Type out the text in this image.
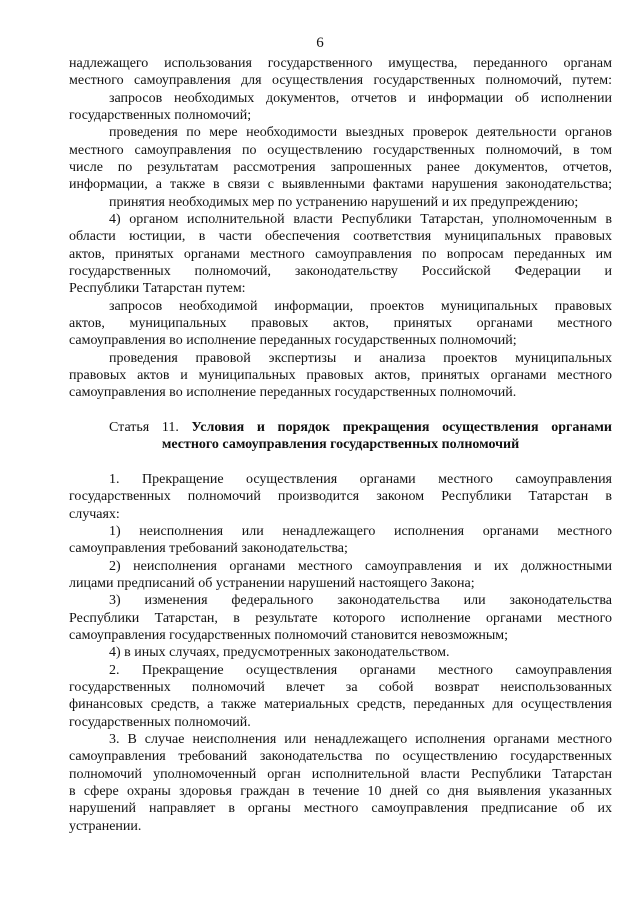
6
надлежащего использования государственного имущества, переданного органам
местного самоуправления для осуществления государственных полномочий, путем:
запросов необходимых документов, отчетов и информации об исполнении
государственных полномочий;
проведения по мере необходимости выездных проверок деятельности органов
местного самоуправления по осуществлению государственных полномочий, в том
числе по результатам рассмотрения запрошенных ранее документов, отчетов,
информации, а также в связи с выявленными фактами нарушения законодательства;
принятия необходимых мер по устранению нарушений и их предупреждению;
4) органом исполнительной власти Республики Татарстан, уполномоченным в
области юстиции, в части обеспечения соответствия муниципальных правовых
актов, принятых органами местного самоуправления по вопросам переданных им
государственных полномочий, законодательству Российской Федерации и
Республики Татарстан путем:
запросов необходимой информации, проектов муниципальных правовых
актов, муниципальных правовых актов, принятых органами местного
самоуправления во исполнение переданных государственных полномочий;
проведения правовой экспертизы и анализа проектов муниципальных
правовых актов и муниципальных правовых актов, принятых органами местного
самоуправления во исполнение переданных государственных полномочий.
Статья 11. Условия и порядок прекращения осуществления органами
местного самоуправления государственных полномочий
1. Прекращение осуществления органами местного самоуправления
государственных полномочий производится законом Республики Татарстан в
случаях:
1) неисполнения или ненадлежащего исполнения органами местного
самоуправления требований законодательства;
2) неисполнения органами местного самоуправления и их должностными
лицами предписаний об устранении нарушений настоящего Закона;
3) изменения федерального законодательства или законодательства
Республики Татарстан, в результате которого исполнение органами местного
самоуправления государственных полномочий становится невозможным;
4) в иных случаях, предусмотренных законодательством.
2. Прекращение осуществления органами местного самоуправления
государственных полномочий влечет за собой возврат неиспользованных
финансовых средств, а также материальных средств, переданных для осуществления
государственных полномочий.
3. В случае неисполнения или ненадлежащего исполнения органами местного
самоуправления требований законодательства по осуществлению государственных
полномочий уполномоченный орган исполнительной власти Республики Татарстан
в сфере охраны здоровья граждан в течение 10 дней со дня выявления указанных
нарушений направляет в органы местного самоуправления предписание об их
устранении.
